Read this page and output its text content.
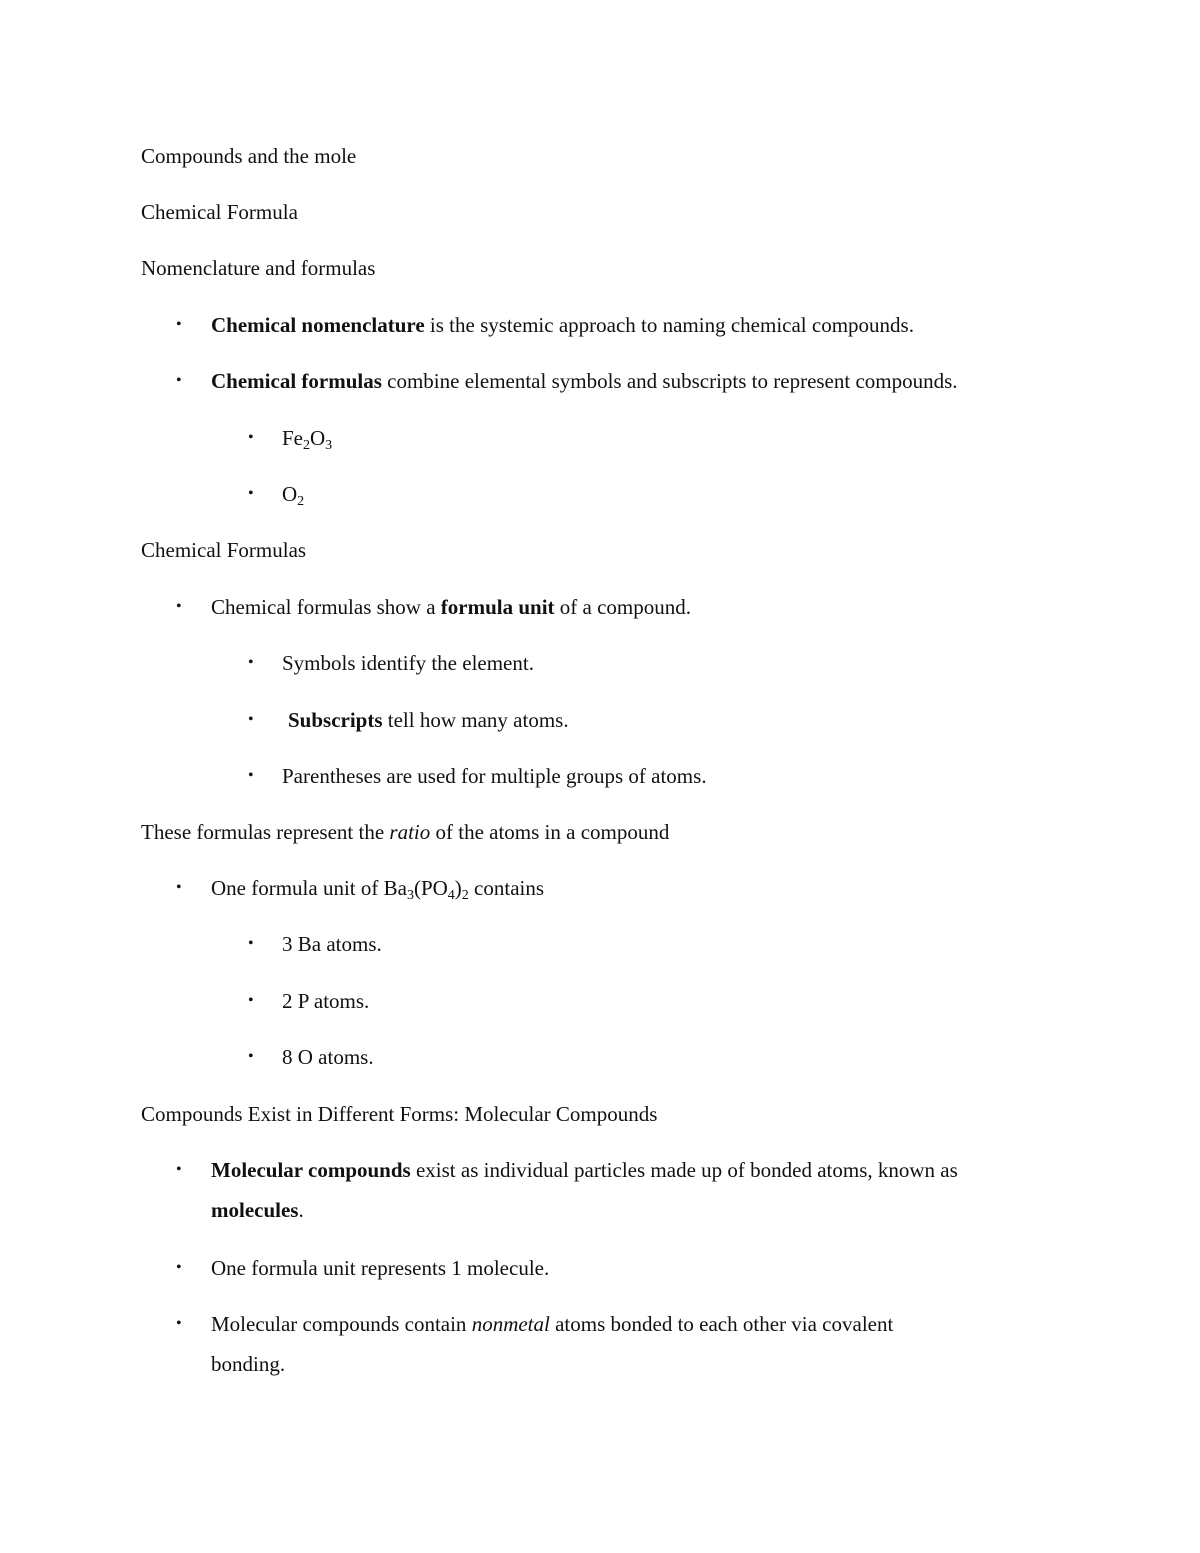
Compounds and the mole
Chemical Formula
Nomenclature and formulas
• Chemical nomenclature is the systemic approach to naming chemical compounds.
• Chemical formulas combine elemental symbols and subscripts to represent compounds.
• $Fe_2O_3$
• $O_2$
Chemical Formulas
• Chemical formulas show a formula unit of a compound.
• Symbols identify the element.
• Subscripts tell how many atoms.
• Parentheses are used for multiple groups of atoms.
These formulas represent the ratio of the atoms in a compound
• One formula unit of $Ba_3(PO_4)_2$ contains
• 3 Ba atoms.
• 2 P atoms.
• 8 O atoms.
Compounds Exist in Different Forms: Molecular Compounds
• Molecular compounds exist as individual particles made up of bonded atoms, known as
molecules.
• One formula unit represents 1 molecule.
• Molecular compounds contain nonmetal atoms bonded to each other via covalent
bonding.
